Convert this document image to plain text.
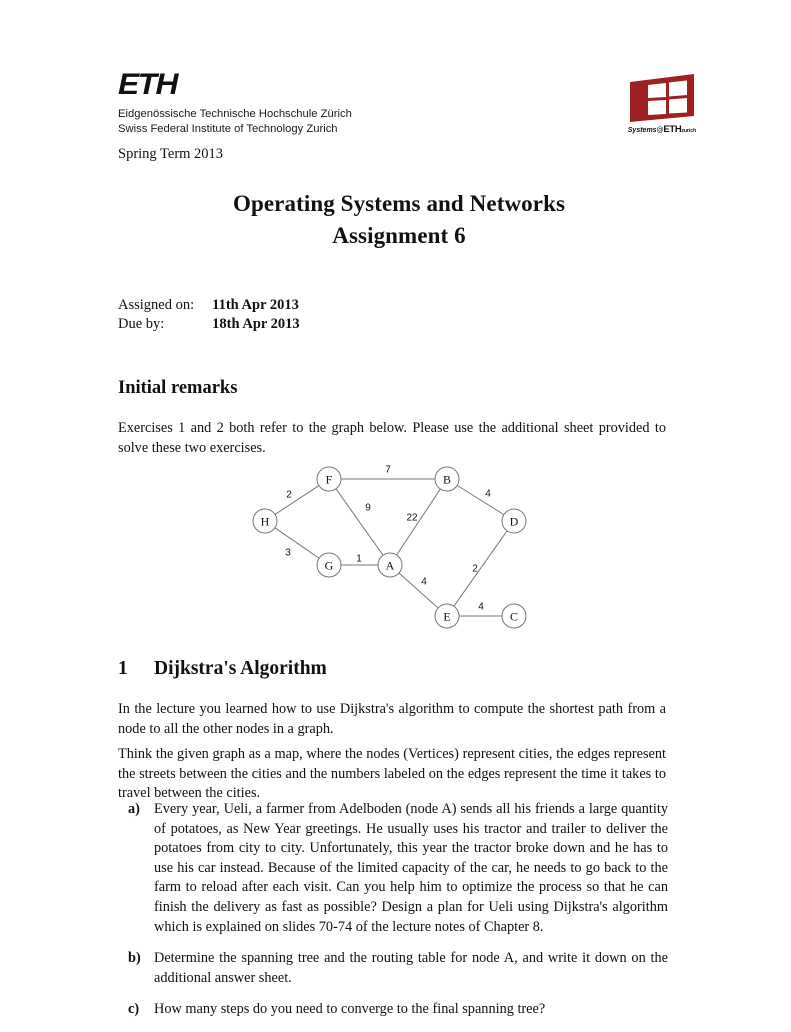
ETH
Eidgenössische Technische Hochschule Zürich
Swiss Federal Institute of Technology Zurich
Spring Term 2013
Systems@ETHzurich
Operating Systems and Networks
Assignment 6
Assigned on:	11th Apr 2013
Due by:	18th Apr 2013
Initial remarks
Exercises 1 and 2 both refer to the graph below. Please use the additional sheet provided to solve these two exercises.
F	B
H	D
G	A
E	C
7
2	4
9
22
3
1
4
2
4
1 Dijkstra's Algorithm
In the lecture you learned how to use Dijkstra's algorithm to compute the shortest path from a node to all the other nodes in a graph.
Think the given graph as a map, where the nodes (Vertices) represent cities, the edges represent the streets between the cities and the numbers labeled on the edges represent the time it takes to travel between the cities.
a) Every year, Ueli, a farmer from Adelboden (node A) sends all his friends a large quantity of potatoes, as New Year greetings. He usually uses his tractor and trailer to deliver the potatoes from city to city. Unfortunately, this year the tractor broke down and he has to use his car instead. Because of the limited capacity of the car, he needs to go back to the farm to reload after each visit. Can you help him to optimize the process so that he can finish the delivery as fast as possible? Design a plan for Ueli using Dijkstra's algorithm which is explained on slides 70-74 of the lecture notes of Chapter 8.
b) Determine the spanning tree and the routing table for node A, and write it down on the additional answer sheet.
c) How many steps do you need to converge to the final spanning tree?
